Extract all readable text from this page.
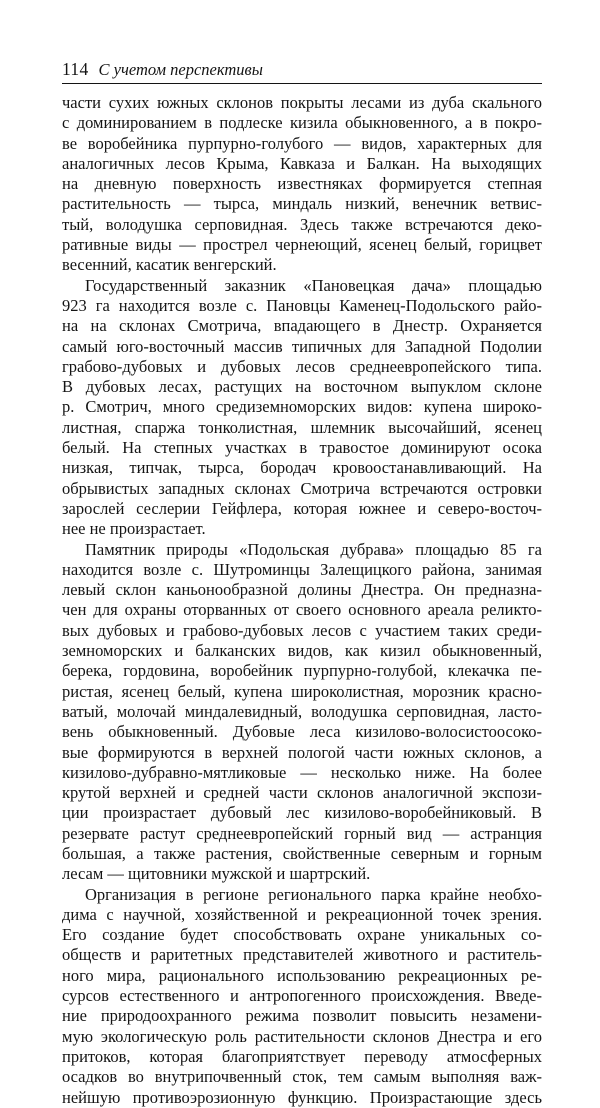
114 С учетом перспективы

части сухих южных склонов покрыты лесами из дуба скального
с доминированием в подлеске кизила обыкновенного, а в покро-
ве воробейника пурпурно-голубого — видов, характерных для
аналогичных лесов Крыма, Кавказа и Балкан. На выходящих
на дневную поверхность известняках формируется степная
растительность — тырса, миндаль низкий, венечник ветвис-
тый, володушка серповидная. Здесь также встречаются деко-
ративные виды — прострел чернеющий, ясенец белый, горицвет
весенний, касатик венгерский.

Государственный заказник «Пановецкая дача» площадью
923 га находится возле с. Пановцы Каменец-Подольского райо-
на на склонах Смотрича, впадающего в Днестр. Охраняется
самый юго-восточный массив типичных для Западной Подолии
грабово-дубовых и дубовых лесов среднеевропейского типа.
В дубовых лесах, растущих на восточном выпуклом склоне
р. Смотрич, много средиземноморских видов: купена широко-
листная, спаржа тонколистная, шлемник высочайший, ясенец
белый. На степных участках в травостое доминируют осока
низкая, типчак, тырса, бородач кровоостанавливающий. На
обрывистых западных склонах Смотрича встречаются островки
зарослей сеслерии Гейфлера, которая южнее и северо-восточ-
нее не произрастает.

Памятник природы «Подольская дубрава» площадью 85 га
находится возле с. Шутроминцы Залещицкого района, занимая
левый склон каньонообразной долины Днестра. Он предназна-
чен для охраны оторванных от своего основного ареала реликто-
вых дубовых и грабово-дубовых лесов с участием таких среди-
земноморских и балканских видов, как кизил обыкновенный,
берека, гордовина, воробейник пурпурно-голубой, клекачка пе-
ристая, ясенец белый, купена широколистная, морозник красно-
ватый, молочай миндалевидный, володушка серповидная, ласто-
вень обыкновенный. Дубовые леса кизилово-волосистоосоко-
вые формируются в верхней пологой части южных склонов, а
кизилово-дубравно-мятликовые — несколько ниже. На более
крутой верхней и средней части склонов аналогичной экспози-
ции произрастает дубовый лес кизилово-воробейниковый. В
резервате растут среднеевропейский горный вид — астранция
большая, а также растения, свойственные северным и горным
лесам — щитовники мужской и шартрский.

Организация в регионе регионального парка крайне необхо-
дима с научной, хозяйственной и рекреационной точек зрения.
Его создание будет способствовать охране уникальных со-
обществ и раритетных представителей животного и раститель-
ного мира, рационального использованию рекреационных ре-
сурсов естественного и антропогенного происхождения. Введе-
ние природоохранного режима позволит повысить незамени-
мую экологическую роль растительности склонов Днестра и его
притоков, которая благоприятствует переводу атмосферных
осадков во внутрипочвенный сток, тем самым выполняя важ-
нейшую противоэрозионную функцию. Произрастающие здесь
